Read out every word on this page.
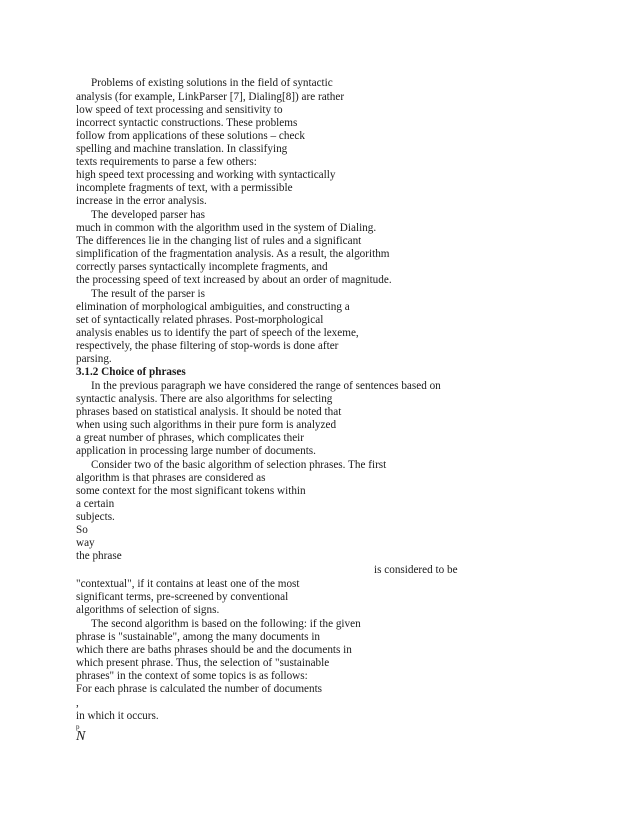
Problems of existing solutions in the field of syntactic
analysis (for example, LinkParser [7], Dialing[8]) are rather
low speed of text processing and sensitivity to
incorrect syntactic constructions. These problems
follow from applications of these solutions – check
spelling and machine translation. In classifying
texts requirements to parse a few others:
high speed text processing and working with syntactically
incomplete fragments of text, with a permissible
increase in the error analysis.
The developed parser has
much in common with the algorithm used in the system of Dialing.
The differences lie in the changing list of rules and a significant
simplification of the fragmentation analysis. As a result, the algorithm
correctly parses syntactically incomplete fragments, and
the processing speed of text increased by about an order of magnitude.
The result of the parser is
elimination of morphological ambiguities, and constructing a
set of syntactically related phrases. Post-morphological
analysis enables us to identify the part of speech of the lexeme,
respectively, the phase filtering of stop-words is done after
parsing.
3.1.2 Choice of phrases
In the previous paragraph we have considered the range of sentences based on
syntactic analysis. There are also algorithms for selecting
phrases based on statistical analysis. It should be noted that
when using such algorithms in their pure form is analyzed
a great number of phrases, which complicates their
application in processing large number of documents.
Consider two of the basic algorithm of selection phrases. The first
algorithm is that phrases are considered as
some context for the most significant tokens within
a certain
subjects.
So
way
the phrase
is considered to be
"contextual", if it contains at least one of the most
significant terms, pre-screened by conventional
algorithms of selection of signs.
The second algorithm is based on the following: if the given
phrase is "sustainable", among the many documents in
which there are baths phrases should be and the documents in
which present phrase. Thus, the selection of "sustainable
phrases" in the context of some topics is as follows:
For each phrase is calculated the number of documents
,
in which it occurs.
p
N
